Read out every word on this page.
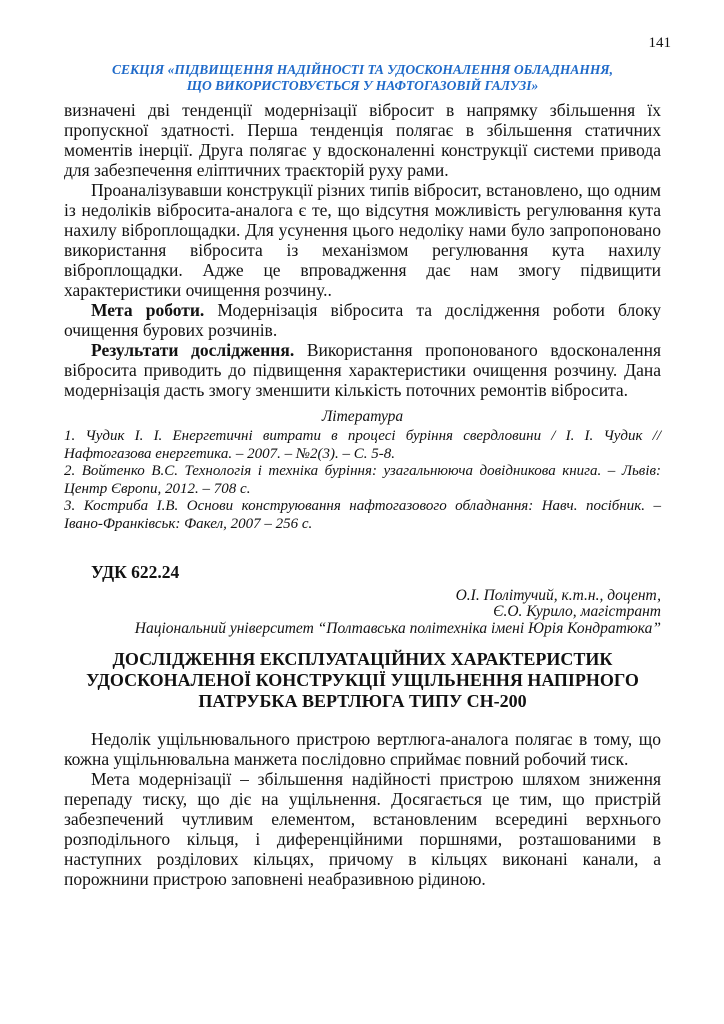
141
СЕКЦІЯ «ПІДВИЩЕННЯ НАДІЙНОСТІ ТА УДОСКОНАЛЕННЯ ОБЛАДНАННЯ,
ЩО ВИКОРИСТОВУЄТЬСЯ У НАФТОГАЗОВІЙ ГАЛУЗІ»

визначені дві тенденції модернізації вібросит в напрямку збільшення їх пропускної здатності. Перша тенденція полягає в збільшення статичних моментів інерції. Друга полягає у вдосконаленні конструкції системи привода для забезпечення еліптичних траєкторій руху рами.

Проаналізувавши конструкції різних типів вібросит, встановлено, що одним із недоліків вібросита-аналога є те, що відсутня можливість регулювання кута нахилу віброплощадки. Для усунення цього недоліку нами було запропоновано використання вібросита із механізмом регулювання кута нахилу віброплощадки. Адже це впровадження дає нам змогу підвищити характеристики очищення розчину..

Мета роботи. Модернізація вібросита та дослідження роботи блоку очищення бурових розчинів.

Результати дослідження. Використання пропонованого вдосконалення вібросита приводить до підвищення характеристики очищення розчину. Дана модернізація дасть змогу зменшити кількість поточних ремонтів вібросита.

Література

1. Чудик І. І. Енергетичні витрати в процесі буріння свердловини / І. І. Чудик // Нафтогазова енергетика. – 2007. – №2(3). – С. 5-8.

2. Войтенко В.С. Технологія і техніка буріння: узагальнююча довідникова книга. – Львів: Центр Європи, 2012. – 708 с.

3. Костриба І.В. Основи конструювання нафтогазового обладнання: Навч. посібник. – Івано-Франківськ: Факел, 2007 – 256 с.

УДК 622.24
О.І. Політучий, к.т.н., доцент,
Є.О. Курило, магістрант
Національний університет “Полтавська політехніка імені Юрія Кондратюка”
ДОСЛІДЖЕННЯ ЕКСПЛУАТАЦІЙНИХ ХАРАКТЕРИСТИК УДОСКОНАЛЕНОЇ КОНСТРУКЦІЇ УЩІЛЬНЕННЯ НАПІРНОГО ПАТРУБКА ВЕРТЛЮГА ТИПУ СН-200

Недолік ущільнювального пристрою вертлюга-аналога полягає в тому, що кожна ущільнювальна манжета послідовно сприймає повний робочий тиск.

Мета модернізації – збільшення надійності пристрою шляхом зниження перепаду тиску, що діє на ущільнення. Досягається це тим, що пристрій забезпечений чутливим елементом, встановленим всередині верхнього розподільного кільця, і диференційними поршнями, розташованими в наступних розділових кільцях, причому в кільцях виконані канали, а порожнини пристрою заповнені неабразивною рідиною.
